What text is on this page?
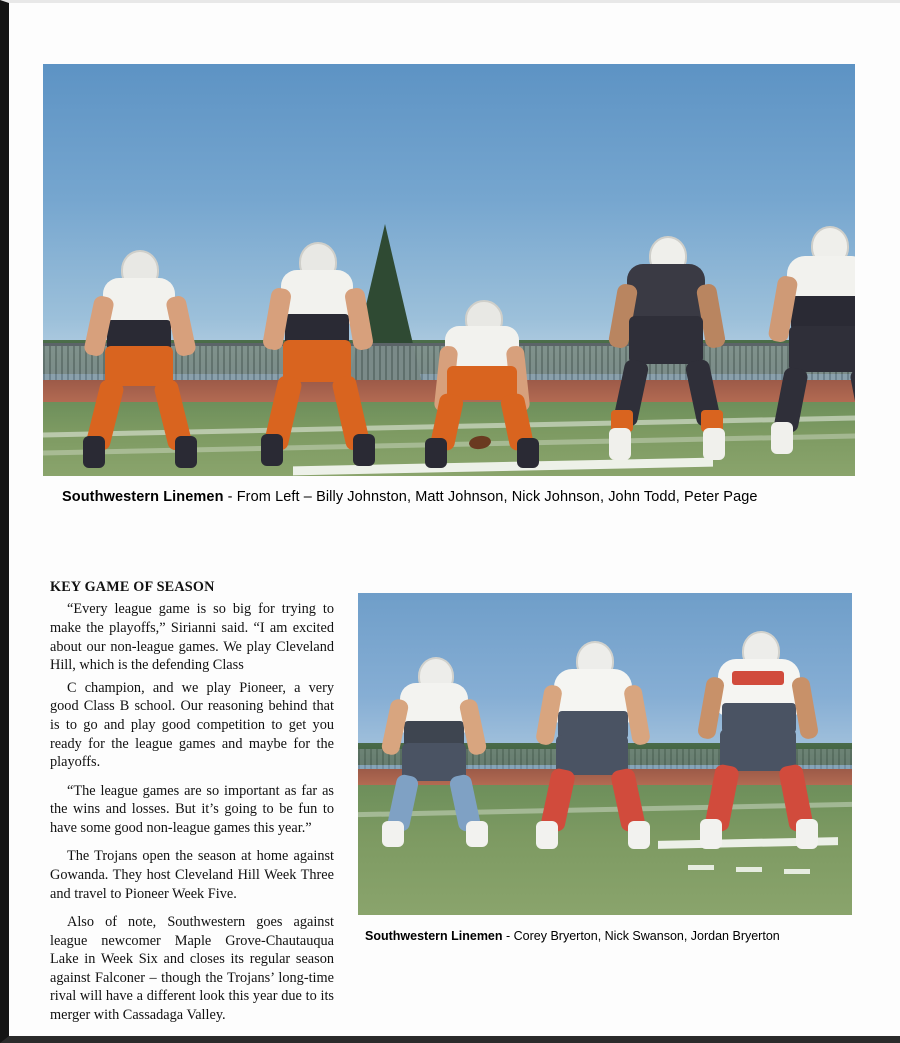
Southwestern Linemen - From Left – Billy Johnston, Matt Johnson, Nick Johnson, John Todd, Peter Page
KEY GAME OF SEASON

“Every league game is so big for trying to make the playoffs,” Sirianni said. “I am excited about our non-league games. We play Cleveland Hill, which is the defending Class

C champion, and we play Pioneer, a very good Class B school. Our reasoning behind that is to go and play good competition to get you ready for the league games and maybe for the playoffs.

“The league games are so important as far as the wins and losses. But it’s going to be fun to have some good non-league games this year.”

The Trojans open the season at home against Gowanda. They host Cleveland Hill Week Three and travel to Pioneer Week Five.

Also of note, Southwestern goes against league newcomer Maple Grove-Chautauqua Lake in Week Six and closes its regular season against Falconer – though the Trojans’ long-time rival will have a different look this year due to its merger with Cassadaga Valley.

Southwestern Linemen - Corey Bryerton, Nick Swanson, Jordan Bryerton
